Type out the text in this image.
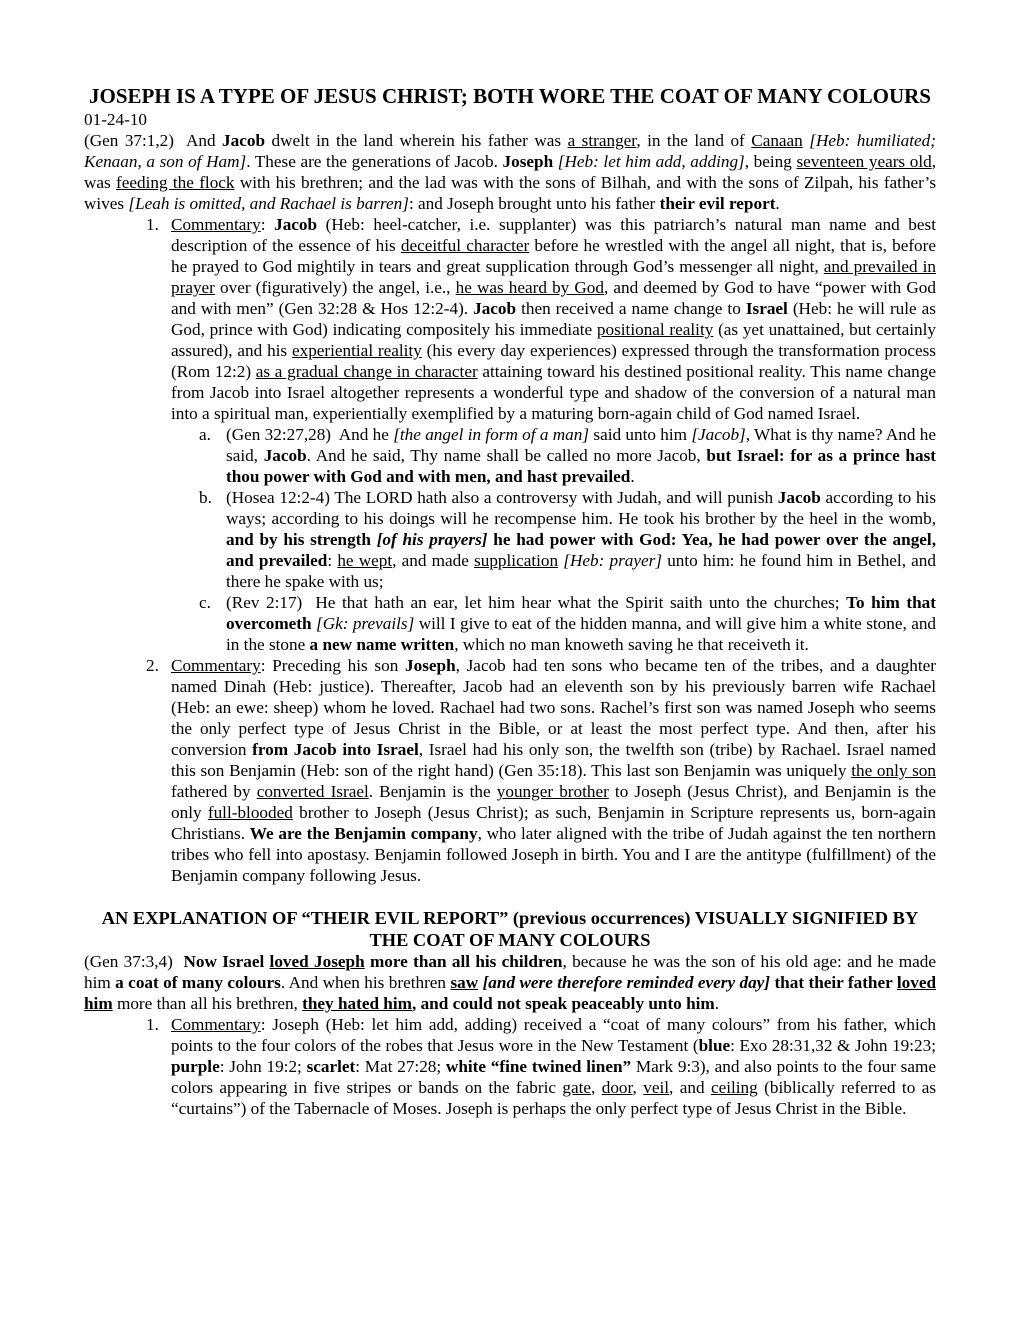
JOSEPH IS A TYPE OF JESUS CHRIST; BOTH WORE THE COAT OF MANY COLOURS
01-24-10
(Gen 37:1,2)  And Jacob dwelt in the land wherein his father was a stranger, in the land of Canaan [Heb: humiliated; Kenaan, a son of Ham]. These are the generations of Jacob. Joseph [Heb: let him add, adding], being seventeen years old, was feeding the flock with his brethren; and the lad was with the sons of Bilhah, and with the sons of Zilpah, his father’s wives [Leah is omitted, and Rachael is barren]: and Joseph brought unto his father their evil report.
1. Commentary: Jacob (Heb: heel-catcher, i.e. supplanter) was this patriarch’s natural man name and best description of the essence of his deceitful character before he wrestled with the angel all night, that is, before he prayed to God mightily in tears and great supplication through God’s messenger all night, and prevailed in prayer over (figuratively) the angel, i.e., he was heard by God, and deemed by God to have “power with God and with men” (Gen 32:28 & Hos 12:2-4). Jacob then received a name change to Israel (Heb: he will rule as God, prince with God) indicating compositely his immediate positional reality (as yet unattained, but certainly assured), and his experiential reality (his every day experiences) expressed through the transformation process (Rom 12:2) as a gradual change in character attaining toward his destined positional reality. This name change from Jacob into Israel altogether represents a wonderful type and shadow of the conversion of a natural man into a spiritual man, experientially exemplified by a maturing born-again child of God named Israel.
a. (Gen 32:27,28)  And he [the angel in form of a man] said unto him [Jacob], What is thy name? And he said, Jacob. And he said, Thy name shall be called no more Jacob, but Israel: for as a prince hast thou power with God and with men, and hast prevailed.
b. (Hosea 12:2-4) The LORD hath also a controversy with Judah, and will punish Jacob according to his ways; according to his doings will he recompense him. He took his brother by the heel in the womb, and by his strength [of his prayers] he had power with God: Yea, he had power over the angel, and prevailed: he wept, and made supplication [Heb: prayer] unto him: he found him in Bethel, and there he spake with us;
c. (Rev 2:17)  He that hath an ear, let him hear what the Spirit saith unto the churches; To him that overcometh [Gk: prevails] will I give to eat of the hidden manna, and will give him a white stone, and in the stone a new name written, which no man knoweth saving he that receiveth it.
2. Commentary: Preceding his son Joseph, Jacob had ten sons who became ten of the tribes, and a daughter named Dinah (Heb: justice). Thereafter, Jacob had an eleventh son by his previously barren wife Rachael (Heb: an ewe: sheep) whom he loved. Rachael had two sons. Rachel’s first son was named Joseph who seems the only perfect type of Jesus Christ in the Bible, or at least the most perfect type. And then, after his conversion from Jacob into Israel, Israel had his only son, the twelfth son (tribe) by Rachael. Israel named this son Benjamin (Heb: son of the right hand) (Gen 35:18). This last son Benjamin was uniquely the only son fathered by converted Israel. Benjamin is the younger brother to Joseph (Jesus Christ), and Benjamin is the only full-blooded brother to Joseph (Jesus Christ); as such, Benjamin in Scripture represents us, born-again Christians. We are the Benjamin company, who later aligned with the tribe of Judah against the ten northern tribes who fell into apostasy. Benjamin followed Joseph in birth. You and I are the antitype (fulfillment) of the Benjamin company following Jesus.
AN EXPLANATION OF “THEIR EVIL REPORT” (previous occurrences) VISUALLY SIGNIFIED BY THE COAT OF MANY COLOURS
(Gen 37:3,4)  Now Israel loved Joseph more than all his children, because he was the son of his old age: and he made him a coat of many colours. And when his brethren saw [and were therefore reminded every day] that their father loved him more than all his brethren, they hated him, and could not speak peaceably unto him.
1. Commentary: Joseph (Heb: let him add, adding) received a “coat of many colours” from his father, which points to the four colors of the robes that Jesus wore in the New Testament (blue: Exo 28:31,32 & John 19:23; purple: John 19:2; scarlet: Mat 27:28; white “fine twined linen” Mark 9:3), and also points to the four same colors appearing in five stripes or bands on the fabric gate, door, veil, and ceiling (biblically referred to as “curtains”) of the Tabernacle of Moses. Joseph is perhaps the only perfect type of Jesus Christ in the Bible.
